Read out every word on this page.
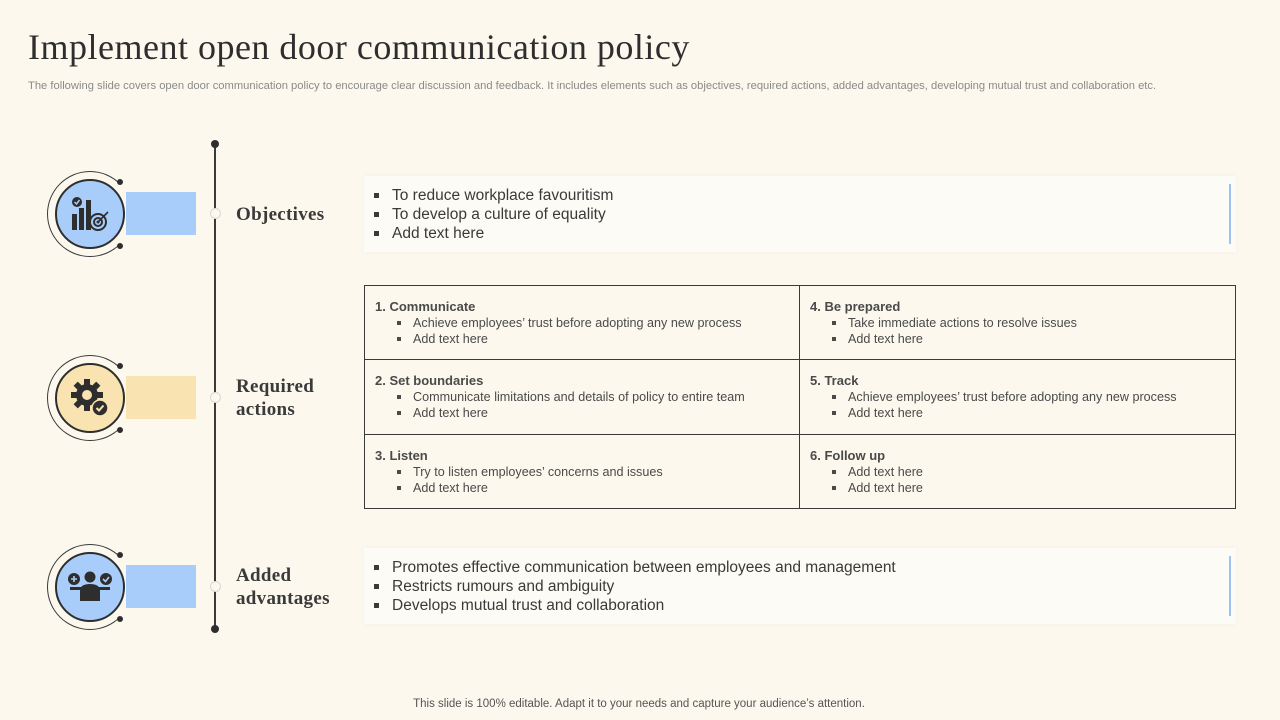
Implement open door communication policy
The following slide covers open door communication policy to encourage clear discussion and feedback. It includes elements such as objectives, required actions, added advantages, developing mutual trust and collaboration etc.
Objectives
To reduce workplace favouritism
To develop a culture of equality
Add text here
Required
actions
1. Communicate
Achieve employees’ trust before adopting any new process
Add text here
4. Be prepared
Take immediate actions to resolve issues
Add text here
2. Set boundaries
Communicate limitations and details of policy to entire team
Add text here
5. Track
Achieve employees’ trust before adopting any new process
Add text here
3. Listen
Try to listen employees’ concerns and issues
Add text here
6. Follow up
Add text here
Add text here
Added
advantages
Promotes effective communication between employees and management
Restricts rumours and ambiguity
Develops mutual trust and collaboration
This slide is 100% editable. Adapt it to your needs and capture your audience’s attention.
